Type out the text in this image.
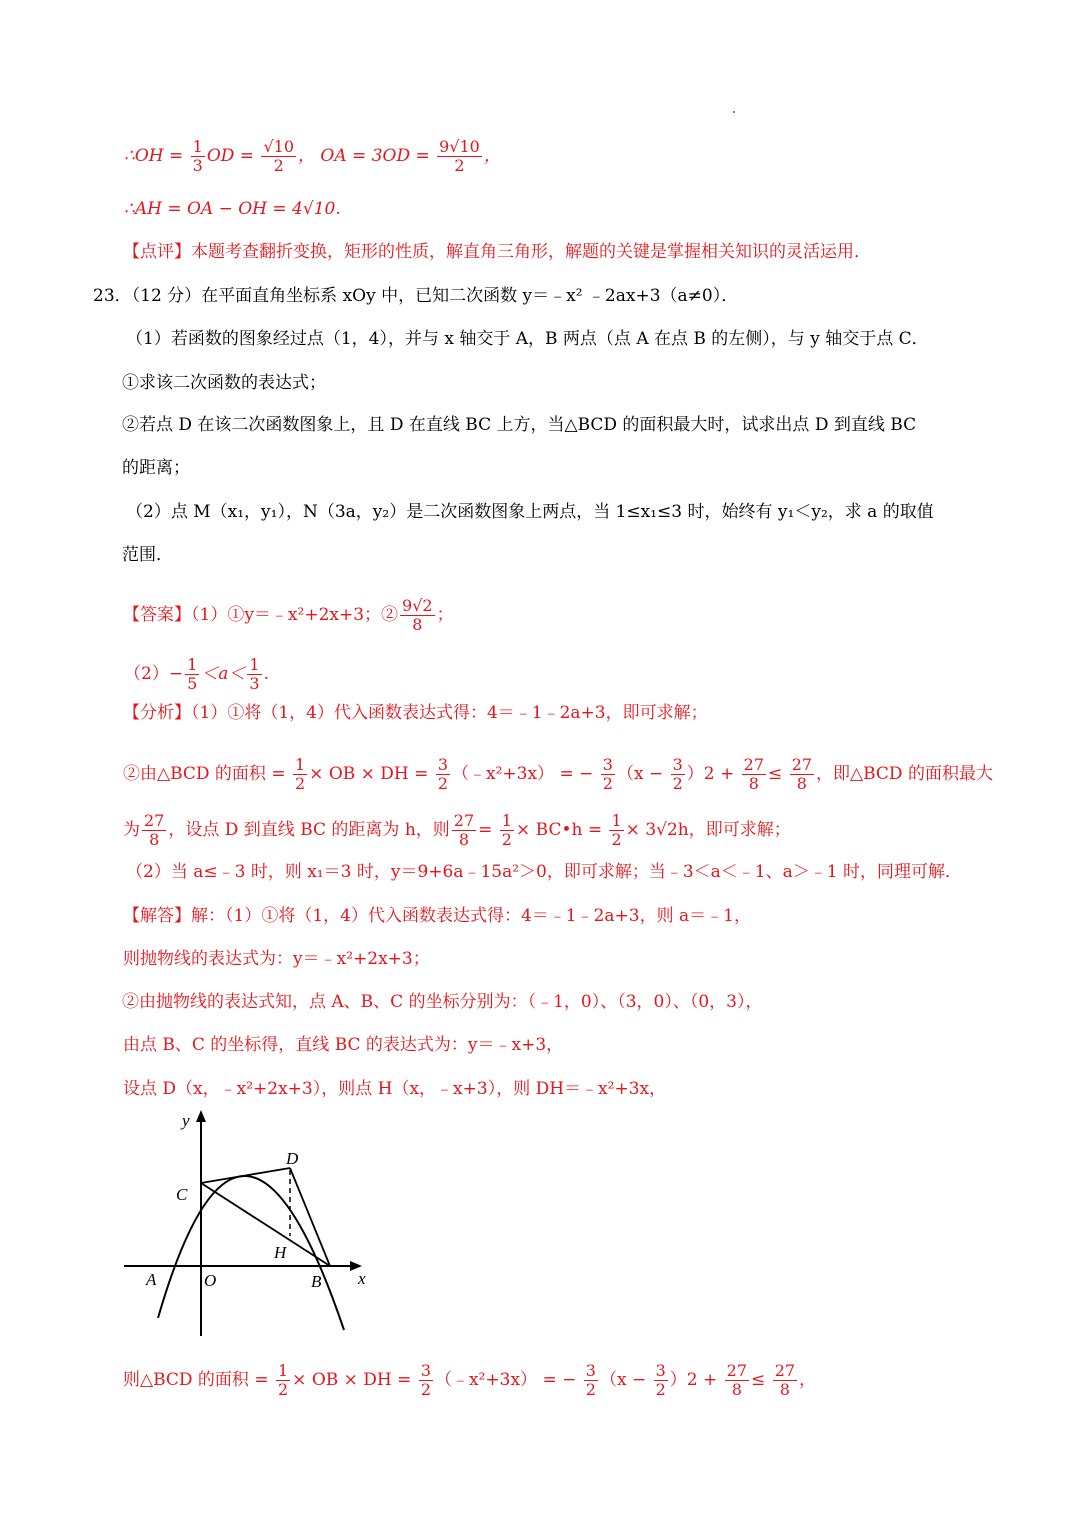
∴OH = $\frac{1}{3}$ OD = $\frac{√10}{2}$ ， OA = $3OD = \frac{9√10}{2}$ ，
∴AH = OA − OH = 4√10.
【点评】本题考查翻折变换，矩形的性质，解直角三角形，解题的关键是掌握相关知识的灵活运用．
23．（12 分）在平面直角坐标系 xOy 中，已知二次函数 y＝﹣x² ﹣2ax+3（a≠0）．
（1）若函数的图象经过点（1，4），并与 x 轴交于 A，B 两点（点 A 在点 B 的左侧），与 y 轴交于点 C．
①求该二次函数的表达式；
②若点 D 在该二次函数图象上，且 D 在直线 BC 上方，当△BCD 的面积最大时，试求出点 D 到直线 BC
的距离；
（2）点 M（x₁，y₁），N（3a，y₂）是二次函数图象上两点，当 1≤x₁≤3 时，始终有 y₁＜y₂，求 a 的取值
范围．
【答案】（1）①y＝﹣x²+2x+3；② $\frac{9√2}{8}$ ；
$(2)- \frac{1}{5} <a< \frac{1}{3}$ .
【分析】（1）①将（1，4）代入函数表达式得：4＝﹣1﹣2a+3，即可求解；
②由△BCD 的面积 = $\frac{1}{2}$ × OB × DH = $\frac{3}{2}$ （﹣x²+3x） = − $\frac{3}{2} (x - \frac{3}{2} )2 + \frac{27}{8} \le \frac{27}{8}$ ，即△BCD 的面积最大
为 $\frac{27}{8}$ ，设点 D 到直线 BC 的距离为 h，则 $\frac{27}{8} = \frac{1}{2}$ × BC•h = $\frac{1}{2} \times 3√2h$，即可求解；
（2）当 a≤﹣3 时，则 x₁＝3 时，y＝9+6a﹣15a²＞0，即可求解；当﹣3＜a＜﹣1、a＞﹣1 时，同理可解．
【解答】解：（1）①将（1，4）代入函数表达式得：4＝﹣1﹣2a+3，则 a＝﹣1，
则抛物线的表达式为：y＝﹣x²+2x+3；
②由抛物线的表达式知，点 A、B、C 的坐标分别为：（﹣1，0）、（3，0）、（0，3），
由点 B、C 的坐标得，直线 BC 的表达式为：y＝﹣x+3，
设点 D（x，﹣x²+2x+3），则点 H（x，﹣x+3），则 DH＝﹣x²+3x，
y
x
C
D
H
A	O	B
则△BCD 的面积 = $\frac{1}{2}$ × OB × DH = $\frac{3}{2}$ （﹣x²+3x） = − $\frac{3}{2} (x - \frac{3}{2} )2 + \frac{27}{8} \le \frac{27}{8}$ ，
